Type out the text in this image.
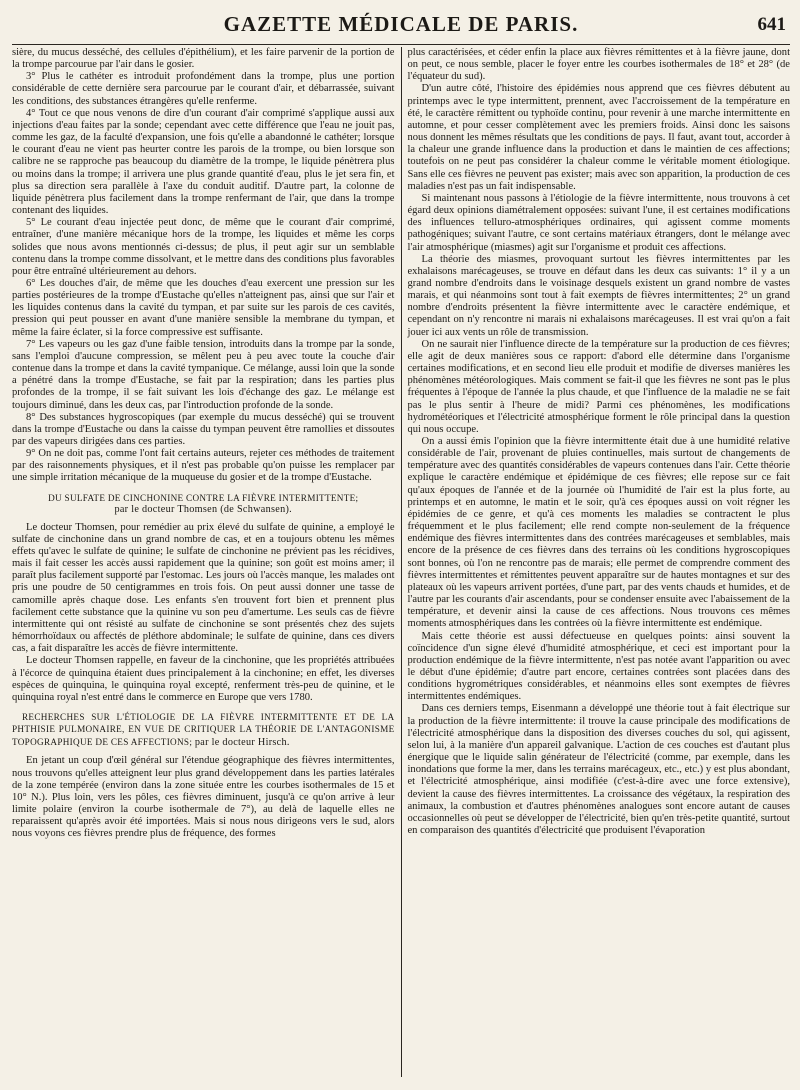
GAZETTE MÉDICALE DE PARIS.	641

sière, du mucus desséché, des cellules d'épithélium), et les faire parvenir de la portion de la trompe parcourue par l'air dans le gosier.

3° Plus le cathéter es introduit profondément dans la trompe, plus une portion considérable de cette dernière sera parcourue par le courant d'air, et débarrassée, suivant les conditions, des substances étrangères qu'elle renferme.

4° Tout ce que nous venons de dire d'un courant d'air comprimé s'applique aussi aux injections d'eau faites par la sonde; cependant avec cette différence que l'eau ne jouit pas, comme les gaz, de la faculté d'expansion, une fois qu'elle a abandonné le cathéter; lorsque le courant d'eau ne vient pas heurter contre les parois de la trompe, ou bien lorsque son calibre ne se rapproche pas beaucoup du diamètre de la trompe, le liquide pénètrera plus ou moins dans la trompe; il arrivera une plus grande quantité d'eau, plus le jet sera fin, et plus sa direction sera parallèle à l'axe du conduit auditif. D'autre part, la colonne de liquide pénètrera plus facilement dans la trompe renfermant de l'air, que dans la trompe contenant des liquides.

5° Le courant d'eau injectée peut donc, de même que le courant d'air comprimé, entraîner, d'une manière mécanique hors de la trompe, les liquides et même les corps solides que nous avons mentionnés ci-dessus; de plus, il peut agir sur un semblable contenu dans la trompe comme dissolvant, et le mettre dans des conditions plus favorables pour être entraîné ultérieurement au dehors.

6° Les douches d'air, de même que les douches d'eau exercent une pression sur les parties postérieures de la trompe d'Eustache qu'elles n'atteignent pas, ainsi que sur l'air et les liquides contenus dans la cavité du tympan, et par suite sur les parois de ces cavités, pression qui peut pousser en avant d'une manière sensible la membrane du tympan, et même la faire éclater, si la force compressive est suffisante.

7° Les vapeurs ou les gaz d'une faible tension, introduits dans la trompe par la sonde, sans l'emploi d'aucune compression, se mêlent peu à peu avec toute la couche d'air contenue dans la trompe et dans la cavité tympanique. Ce mélange, aussi loin que la sonde a pénétré dans la trompe d'Eustache, se fait par la respiration; dans les parties plus profondes de la trompe, il se fait suivant les lois d'échange des gaz. Le mélange est toujours diminué, dans les deux cas, par l'introduction profonde de la sonde.

8° Des substances hygroscopiques (par exemple du mucus desséché) qui se trouvent dans la trompe d'Eustache ou dans la caisse du tympan peuvent être ramollies et dissoutes par des vapeurs dirigées dans ces parties.

9° On ne doit pas, comme l'ont fait certains auteurs, rejeter ces méthodes de traitement par des raisonnements physiques, et il n'est pas probable qu'on puisse les remplacer par une simple irritation mécanique de la muqueuse du gosier et de la trompe d'Eustache.

DU SULFATE DE CINCHONINE CONTRE LA FIÈVRE INTERMITTENTE;
par le docteur Thomsen (de Schwansen).

Le docteur Thomsen, pour remédier au prix élevé du sulfate de quinine, a employé le sulfate de cinchonine dans un grand nombre de cas, et en a toujours obtenu les mêmes effets qu'avec le sulfate de quinine; le sulfate de cinchonine ne prévient pas les récidives, mais il fait cesser les accès aussi rapidement que la quinine; son goût est moins amer; il paraît plus facilement supporté par l'estomac. Les jours où l'accès manque, les malades ont pris une poudre de 50 centigrammes en trois fois. On peut aussi donner une tasse de camomille après chaque dose. Les enfants s'en trouvent fort bien et prennent plus facilement cette substance que la quinine vu son peu d'amertume. Les seuls cas de fièvre intermittente qui ont résisté au sulfate de cinchonine se sont présentés chez des sujets hémorrhoïdaux ou affectés de pléthore abdominale; le sulfate de quinine, dans ces divers cas, a fait disparaître les accès de fièvre intermittente.

Le docteur Thomsen rappelle, en faveur de la cinchonine, que les propriétés attribuées à l'écorce de quinquina étaient dues principalement à la cinchonine; en effet, les diverses espèces de quinquina, le quinquina royal excepté, renferment très-peu de quinine, et le quinquina royal n'est entré dans le commerce en Europe que vers 1780.

RECHERCHES SUR L'ÉTIOLOGIE DE LA FIÈVRE INTERMITTENTE ET DE LA PHTHISIE PULMONAIRE, EN VUE DE CRITIQUER LA THÉORIE DE L'ANTAGONISME TOPOGRAPHIQUE DE CES AFFECTIONS; par le docteur Hirsch.

En jetant un coup d'œil général sur l'étendue géographique des fièvres intermittentes, nous trouvons qu'elles atteignent leur plus grand développement dans les parties latérales de la zone tempérée (environ dans la zone située entre les courbes isothermales de 15 et 10° N.). Plus loin, vers les pôles, ces fièvres diminuent, jusqu'à ce qu'on arrive à leur limite polaire (environ la courbe isothermale de 7°), au delà de laquelle elles ne reparaissent qu'après avoir été importées. Mais si nous nous dirigeons vers le sud, alors nous voyons ces fièvres prendre plus de fréquence, des formes

plus caractérisées, et céder enfin la place aux fièvres rémittentes et à la fièvre jaune, dont on peut, ce nous semble, placer le foyer entre les courbes isothermales de 18° et 28° (de l'équateur du sud).

D'un autre côté, l'histoire des épidémies nous apprend que ces fièvres débutent au printemps avec le type intermittent, prennent, avec l'accroissement de la température en été, le caractère rémittent ou typhoïde continu, pour revenir à une marche intermittente en automne, et pour cesser complètement avec les premiers froids. Ainsi donc les saisons nous donnent les mêmes résultats que les conditions de pays. Il faut, avant tout, accorder à la chaleur une grande influence dans la production et dans le maintien de ces affections; toutefois on ne peut pas considérer la chaleur comme le véritable moment étiologique. Sans elle ces fièvres ne peuvent pas exister; mais avec son apparition, la production de ces maladies n'est pas un fait indispensable.

Si maintenant nous passons à l'étiologie de la fièvre intermittente, nous trouvons à cet égard deux opinions diamétralement opposées: suivant l'une, il est certaines modifications des influences telluro-atmosphériques ordinaires, qui agissent comme moments pathogéniques; suivant l'autre, ce sont certains matériaux étrangers, dont le mélange avec l'air atmosphérique (miasmes) agit sur l'organisme et produit ces affections.

La théorie des miasmes, provoquant surtout les fièvres intermittentes par les exhalaisons marécageuses, se trouve en défaut dans les deux cas suivants: 1° il y a un grand nombre d'endroits dans le voisinage desquels existent un grand nombre de vastes marais, et qui néanmoins sont tout à fait exempts de fièvres intermittentes; 2° un grand nombre d'endroits présentent la fièvre intermittente avec le caractère endémique, et cependant on n'y rencontre ni marais ni exhalaisons marécageuses. Il est vrai qu'on a fait jouer ici aux vents un rôle de transmission.

On ne saurait nier l'influence directe de la température sur la production de ces fièvres; elle agit de deux manières sous ce rapport: d'abord elle détermine dans l'organisme certaines modifications, et en second lieu elle produit et modifie de diverses manières les phénomènes météorologiques. Mais comment se fait-il que les fièvres ne sont pas le plus fréquentes à l'époque de l'année la plus chaude, et que l'influence de la maladie ne se fait pas le plus sentir à l'heure de midi? Parmi ces phénomènes, les modifications hydrométéoriques et l'électricité atmosphérique forment le rôle principal dans la question qui nous occupe.

On a aussi émis l'opinion que la fièvre intermittente était due à une humidité relative considérable de l'air, provenant de pluies continuelles, mais surtout de changements de température avec des quantités considérables de vapeurs contenues dans l'air. Cette théorie explique le caractère endémique et épidémique de ces fièvres; elle repose sur ce fait qu'aux époques de l'année et de la journée où l'humidité de l'air est la plus forte, au printemps et en automne, le matin et le soir, qu'à ces époques aussi on voit régner les épidémies de ce genre, et qu'à ces moments les maladies se contractent le plus fréquemment et le plus facilement; elle rend compte non-seulement de la fréquence endémique des fièvres intermittentes dans des contrées marécageuses et semblables, mais encore de la présence de ces fièvres dans des terrains où les conditions hygroscopiques sont bonnes, où l'on ne rencontre pas de marais; elle permet de comprendre comment des fièvres intermittentes et rémittentes peuvent apparaître sur de hautes montagnes et sur des plateaux où les vapeurs arrivent portées, d'une part, par des vents chauds et humides, et de l'autre par les courants d'air ascendants, pour se condenser ensuite avec l'abaissement de la température, et devenir ainsi la cause de ces affections. Nous trouvons ces mêmes moments atmosphériques dans les contrées où la fièvre intermittente est endémique.

Mais cette théorie est aussi défectueuse en quelques points: ainsi souvent la coïncidence d'un signe élevé d'humidité atmosphérique, et ceci est important pour la production endémique de la fièvre intermittente, n'est pas notée avant l'apparition ou avec le début d'une épidémie; d'autre part encore, certaines contrées sont placées dans des conditions hygrométriques considérables, et néanmoins elles sont exemptes de fièvres intermittentes endémiques.

Dans ces derniers temps, Eisenmann a développé une théorie tout à fait électrique sur la production de la fièvre intermittente: il trouve la cause principale des modifications de l'électricité atmosphérique dans la disposition des diverses couches du sol, qui agissent, selon lui, à la manière d'un appareil galvanique. L'action de ces couches est d'autant plus énergique que le liquide salin générateur de l'électricité (comme, par exemple, dans les inondations que forme la mer, dans les terrains marécageux, etc., etc.) y est plus abondant, et l'électricité atmosphérique, ainsi modifiée (c'est-à-dire avec une force extensive), devient la cause des fièvres intermittentes. La croissance des végétaux, la respiration des animaux, la combustion et d'autres phénomènes analogues sont encore autant de causes occasionnelles où peut se développer de l'électricité, bien qu'en très-petite quantité, surtout en comparaison des quantités d'électricité que produisent l'évaporation
